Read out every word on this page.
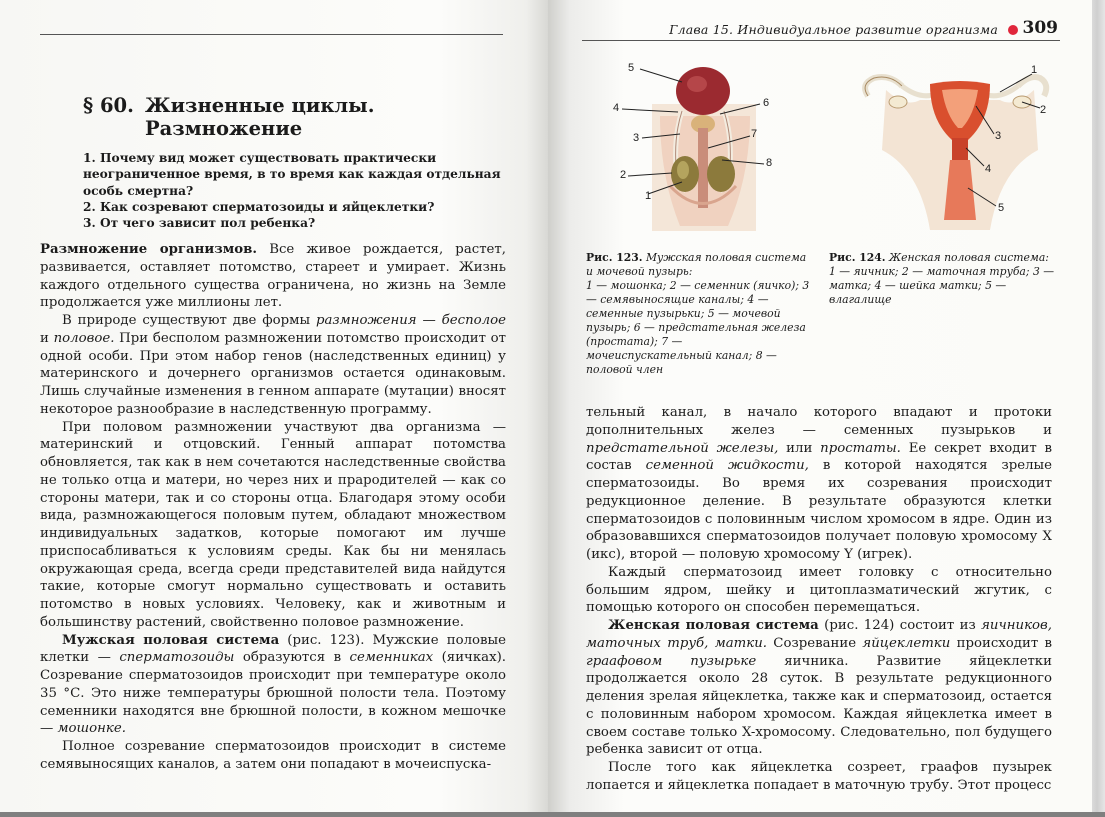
§ 60. Жизненные циклы.
Размножение
1. Почему вид может существовать практически
неограниченное время, в то время как каждая отдельная
особь смертна?
2. Как созревают сперматозоиды и яйцеклетки?
3. От чего зависит пол ребенка?

Размножение организмов. Все живое рождается, растет, развивается, оставляет потомство, стареет и умирает. Жизнь каждого отдельного существа ограничена, но жизнь на Земле продолжается уже миллионы лет.

В природе существуют две формы размножения — бесполое и половое. При бесполом размножении потомство происходит от одной особи. При этом набор генов (наследственных единиц) у материнского и дочернего организмов остается одинаковым. Лишь случайные изменения в генном аппарате (мутации) вносят некоторое разнообразие в наследственную программу.

При половом размножении участвуют два организма — материнский и отцовский. Генный аппарат потомства обновляется, так как в нем сочетаются наследственные свойства не только отца и матери, но через них и прародителей — как со стороны матери, так и со стороны отца. Благодаря этому особи вида, размножающегося половым путем, обладают множеством индивидуальных задатков, которые помогают им лучше приспосабливаться к условиям среды. Как бы ни менялась окружающая среда, всегда среди представителей вида найдутся такие, которые смогут нормально существовать и оставить потомство в новых условиях. Человеку, как и животным и большинству растений, свойственно половое размножение.

Мужская половая система (рис. 123). Мужские половые клетки — сперматозоиды образуются в семенниках (яичках). Созревание сперматозоидов происходит при температуре около 35 °С. Это ниже температуры брюшной полости тела. Поэтому семенники находятся вне брюшной полости, в кожном мешочке — мошонке.

Полное созревание сперматозоидов происходит в системе семявыносящих каналов, а затем они попадают в мочеиспуска-

Глава 15. Индивидуальное развитие организма 309
5
4	6
3	7
2
8
1
1
2
3
4
5
Рис. 123. Мужская половая система и мочевой пузырь:
1 — мошонка; 2 — семенник (яичко); 3 — семявыносящие каналы; 4 — семенные пузырьки; 5 — мочевой пузырь; 6 — предстательная железа (простата); 7 — мочеиспускательный канал; 8 — половой член
Рис. 124. Женская половая система:
1 — яичник; 2 — маточная труба; 3 — матка; 4 — шейка матки; 5 — влагалище

тельный канал, в начало которого впадают и протоки дополнительных желез — семенных пузырьков и предстательной железы, или простаты. Ее секрет входит в состав семенной жидкости, в которой находятся зрелые сперматозоиды. Во время их созревания происходит редукционное деление. В результате образуются клетки сперматозоидов с половинным числом хромосом в ядре. Один из образовавшихся сперматозоидов получает половую хромосому X (икс), второй — половую хромосому Y (игрек).

Каждый сперматозоид имеет головку с относительно большим ядром, шейку и цитоплазматический жгутик, с помощью которого он способен перемещаться.

Женская половая система (рис. 124) состоит из яичников, маточных труб, матки. Созревание яйцеклетки происходит в граафовом пузырьке яичника. Развитие яйцеклетки продолжается около 28 суток. В результате редукционного деления зрелая яйцеклетка, также как и сперматозоид, остается с половинным набором хромосом. Каждая яйцеклетка имеет в своем составе только X-хромосому. Следовательно, пол будущего ребенка зависит от отца.

После того как яйцеклетка созреет, граафов пузырек лопается и яйцеклетка попадает в маточную трубу. Этот процесс
